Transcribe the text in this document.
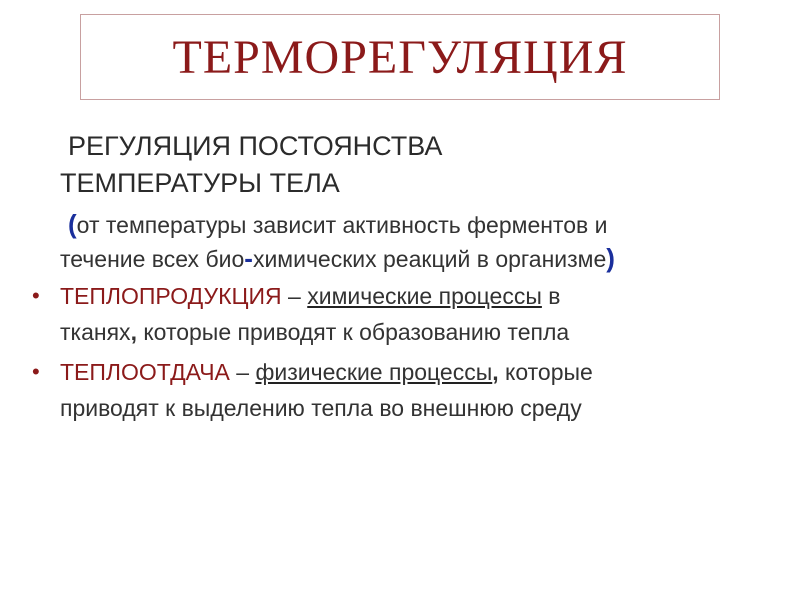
ТЕРМОРЕГУЛЯЦИЯ
РЕГУЛЯЦИЯ ПОСТОЯНСТВА
ТЕМПЕРАТУРЫ ТЕЛА
(от температуры зависит активность ферментов и
течение всех био-химических реакций в организме)
• ТЕПЛОПРОДУКЦИЯ – химические процессы в
тканях, которые приводят к образованию тепла
• ТЕПЛООТДАЧА – физические процессы, которые
приводят к выделению тепла во внешнюю среду
